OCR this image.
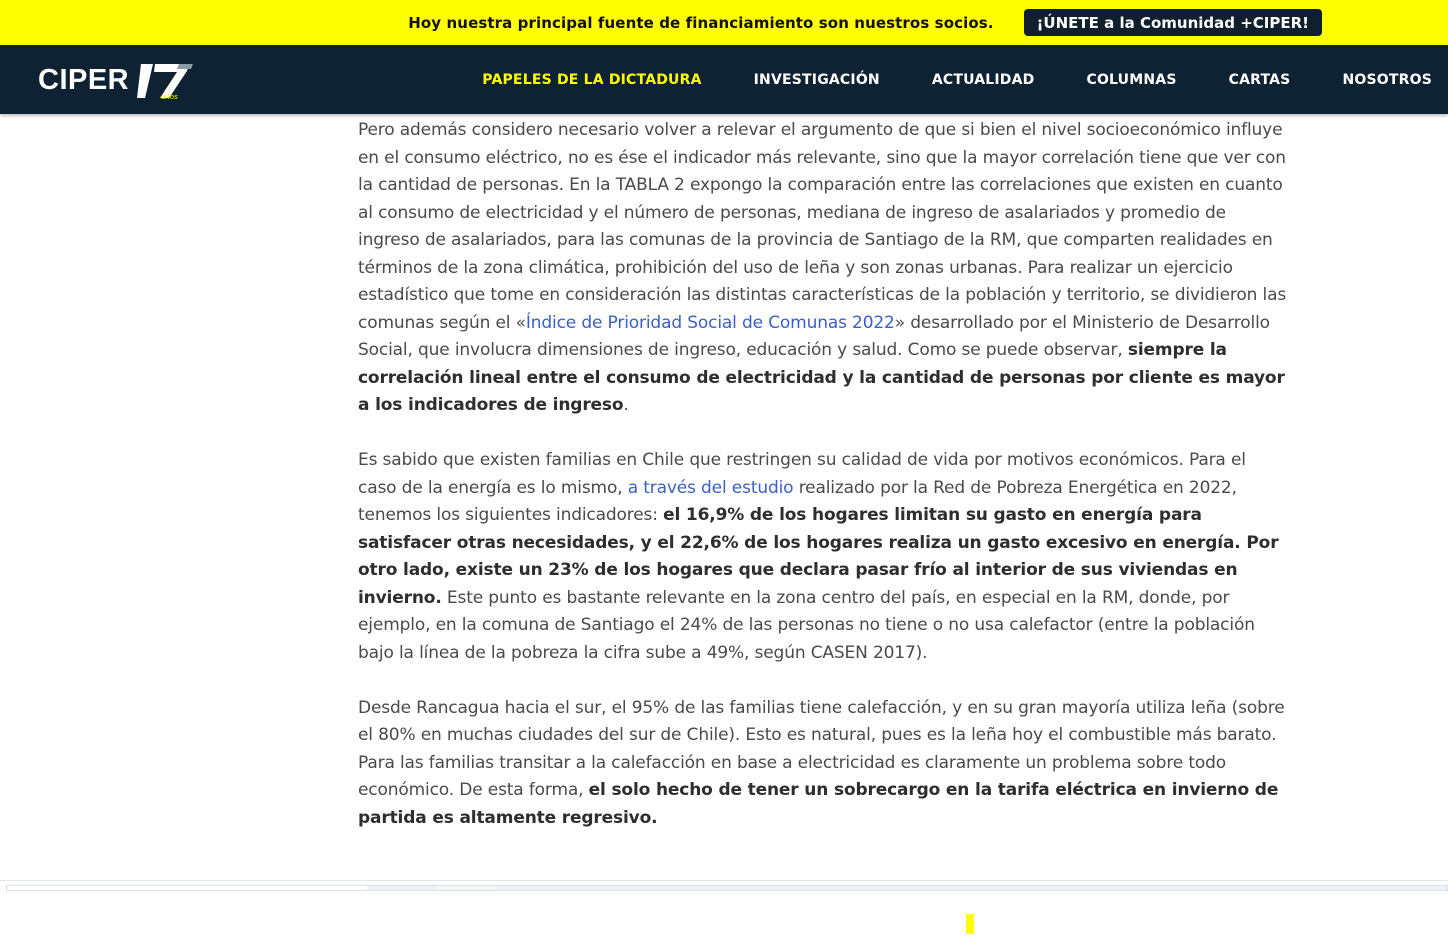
Hoy nuestra principal fuente de financiamiento son nuestros socios.	¡ÚNETE a la Comunidad +CIPER!
CIPER
años
PAPELES DE LA DICTADURA	INVESTIGACIÓN	ACTUALIDAD	COLUMNAS	CARTAS	NOSOTROS

Pero además considero necesario volver a relevar el argumento de que si bien el nivel socioeconómico influye en el consumo eléctrico, no es ése el indicador más relevante, sino que la mayor correlación tiene que ver con la cantidad de personas. En la TABLA 2 expongo la comparación entre las correlaciones que existen en cuanto al consumo de electricidad y el número de personas, mediana de ingreso de asalariados y promedio de ingreso de asalariados, para las comunas de la provincia de Santiago de la RM, que comparten realidades en términos de la zona climática, prohibición del uso de leña y son zonas urbanas. Para realizar un ejercicio estadístico que tome en consideración las distintas características de la población y territorio, se dividieron las comunas según el «Índice de Prioridad Social de Comunas 2022» desarrollado por el Ministerio de Desarrollo Social, que involucra dimensiones de ingreso, educación y salud. Como se puede observar, siempre la correlación lineal entre el consumo de electricidad y la cantidad de personas por cliente es mayor a los indicadores de ingreso.

Es sabido que existen familias en Chile que restringen su calidad de vida por motivos económicos. Para el caso de la energía es lo mismo, a través del estudio realizado por la Red de Pobreza Energética en 2022, tenemos los siguientes indicadores: el 16,9% de los hogares limitan su gasto en energía para satisfacer otras necesidades, y el 22,6% de los hogares realiza un gasto excesivo en energía. Por otro lado, existe un 23% de los hogares que declara pasar frío al interior de sus viviendas en invierno. Este punto es bastante relevante en la zona centro del país, en especial en la RM, donde, por ejemplo, en la comuna de Santiago el 24% de las personas no tiene o no usa calefactor (entre la población bajo la línea de la pobreza la cifra sube a 49%, según CASEN 2017).

Desde Rancagua hacia el sur, el 95% de las familias tiene calefacción, y en su gran mayoría utiliza leña (sobre el 80% en muchas ciudades del sur de Chile). Esto es natural, pues es la leña hoy el combustible más barato. Para las familias transitar a la calefacción en base a electricidad es claramente un problema sobre todo económico. De esta forma, el solo hecho de tener un sobrecargo en la tarifa eléctrica en invierno de partida es altamente regresivo.
